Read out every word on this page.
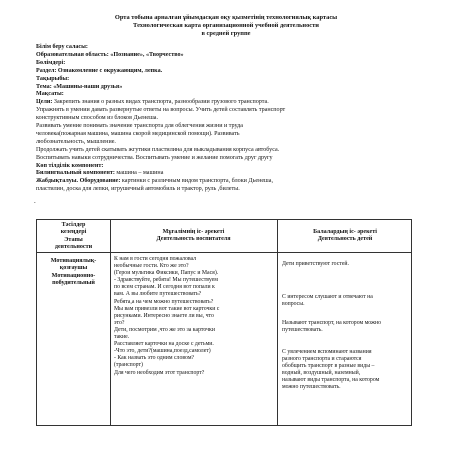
Орта тобына арналған ұйымдасқан оқу қызметінің технологиялық картасы
Технологическая карта организационной учебной деятельности
в средней группе
Білім беру саласы:
Образовательная область: «Познание», «Творчество»
Бөлімдері:
Раздел: Ознакомление с окружающим, лепка.
Тақырыбы:
Тема: «Машины-наши друзья»
Мақсаты:
Цели: Закрепить знания о разных видах транспорта, разнообразии грузового транспорта.
Упражнять в умении давать развернутые ответы на вопросы. Учить детей составлять транспорт
конструктивным способом из блоков Дьенеша.
Развивать умение понимать значение транспорта для облегчения жизни и труда
человека(пожарная машина, машина скорой медицинской помощи). Развивать
любознательность, мышление.
Продолжать учить детей скатывать жгутики пластилина для выкладывания корпуса автобуса.
Воспитывать навыки сотрудничества. Воспитывать умение и желание помогать друг другу
Көп тілділік компонент:
Билингвальный компонент: машина – машина
Жабдықталуы. Оборудование: картинки с различным видом транспорта, блоки Дьенеша,
пластилин, доска для лепки, игрушечный автомобиль и трактор, руль ,билеты.
.
Тәсілдер
кезеңдері
Этапы
деятельности
Мұғалімнің іс- әрекеті
Деятельность воспитателя
Балалардың іс- әрекеті
Деятельность детей
Мотивациялық-
қозғаушы
Мотивационно-
побудительный
К нам в гости сегодня пожаловал
необычные гости. Кто же это?
(Герои мультика Фиксики, Папус и Мася).
- Здравствуйте, ребята! Мы путешествуем
по всем странам. И сегодня вот попали к
вам. А вы любите путешествовать?
Ребята,а на чем можно путешествовать?
Мы вам привезли вот такие вот карточки с
рисунками. Интересно знаете ли вы, что
это?
Дети, посмотрим ,что же это за карточки
такие.
Расставляет карточки на доске с детьми.
-Что это, дети?(машина,поезд,самолет)
- Как назвать это одним словом?
(транспорт)
Для чего необходим этот транспорт?
Дети приветствуют гостей.
С интересом слушают и отвечают на
вопросы.
Называют транспорт, на котором можно
путешествовать.
С увлечением вспоминают названия
разного транспорта и стараются
обобщить транспорт в разные виды –
водный, воздушный, наземный,
называют виды транспорта, на котором
можно путешествовать.
